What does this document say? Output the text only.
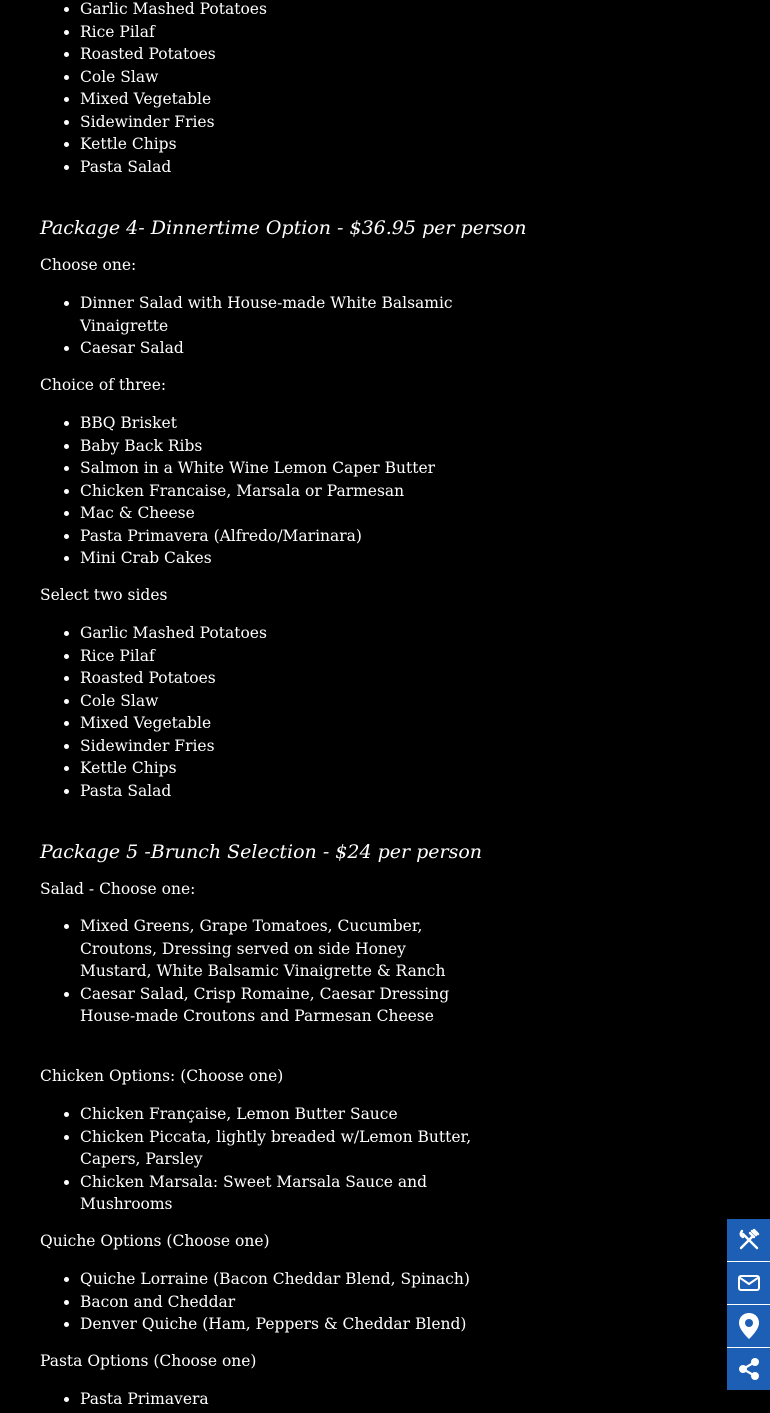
• Garlic Mashed Potatoes
• Rice Pilaf
• Roasted Potatoes
• Cole Slaw
• Mixed Vegetable
• Sidewinder Fries
• Kettle Chips
• Pasta Salad
Package 4- Dinnertime Option - $36.95 per person

Choose one:

• Dinner Salad with House-made White Balsamic Vinaigrette
• Caesar Salad

Choice of three:

• BBQ Brisket
• Baby Back Ribs
• Salmon in a White Wine Lemon Caper Butter
• Chicken Francaise, Marsala or Parmesan
• Mac & Cheese
• Pasta Primavera (Alfredo/Marinara)
• Mini Crab Cakes

Select two sides

• Garlic Mashed Potatoes
• Rice Pilaf
• Roasted Potatoes
• Cole Slaw
• Mixed Vegetable
• Sidewinder Fries
• Kettle Chips
• Pasta Salad
Package 5 -Brunch Selection - $24 per person

Salad - Choose one:

• Mixed Greens, Grape Tomatoes, Cucumber, Croutons, Dressing served on side Honey Mustard, White Balsamic Vinaigrette & Ranch
• Caesar Salad, Crisp Romaine, Caesar Dressing House-made Croutons and Parmesan Cheese

Chicken Options: (Choose one)

• Chicken Française, Lemon Butter Sauce
• Chicken Piccata, lightly breaded w/Lemon Butter, Capers, Parsley
• Chicken Marsala: Sweet Marsala Sauce and Mushrooms

Quiche Options (Choose one)

• Quiche Lorraine (Bacon Cheddar Blend, Spinach)
• Bacon and Cheddar
• Denver Quiche (Ham, Peppers & Cheddar Blend)

Pasta Options (Choose one)

• Pasta Primavera
